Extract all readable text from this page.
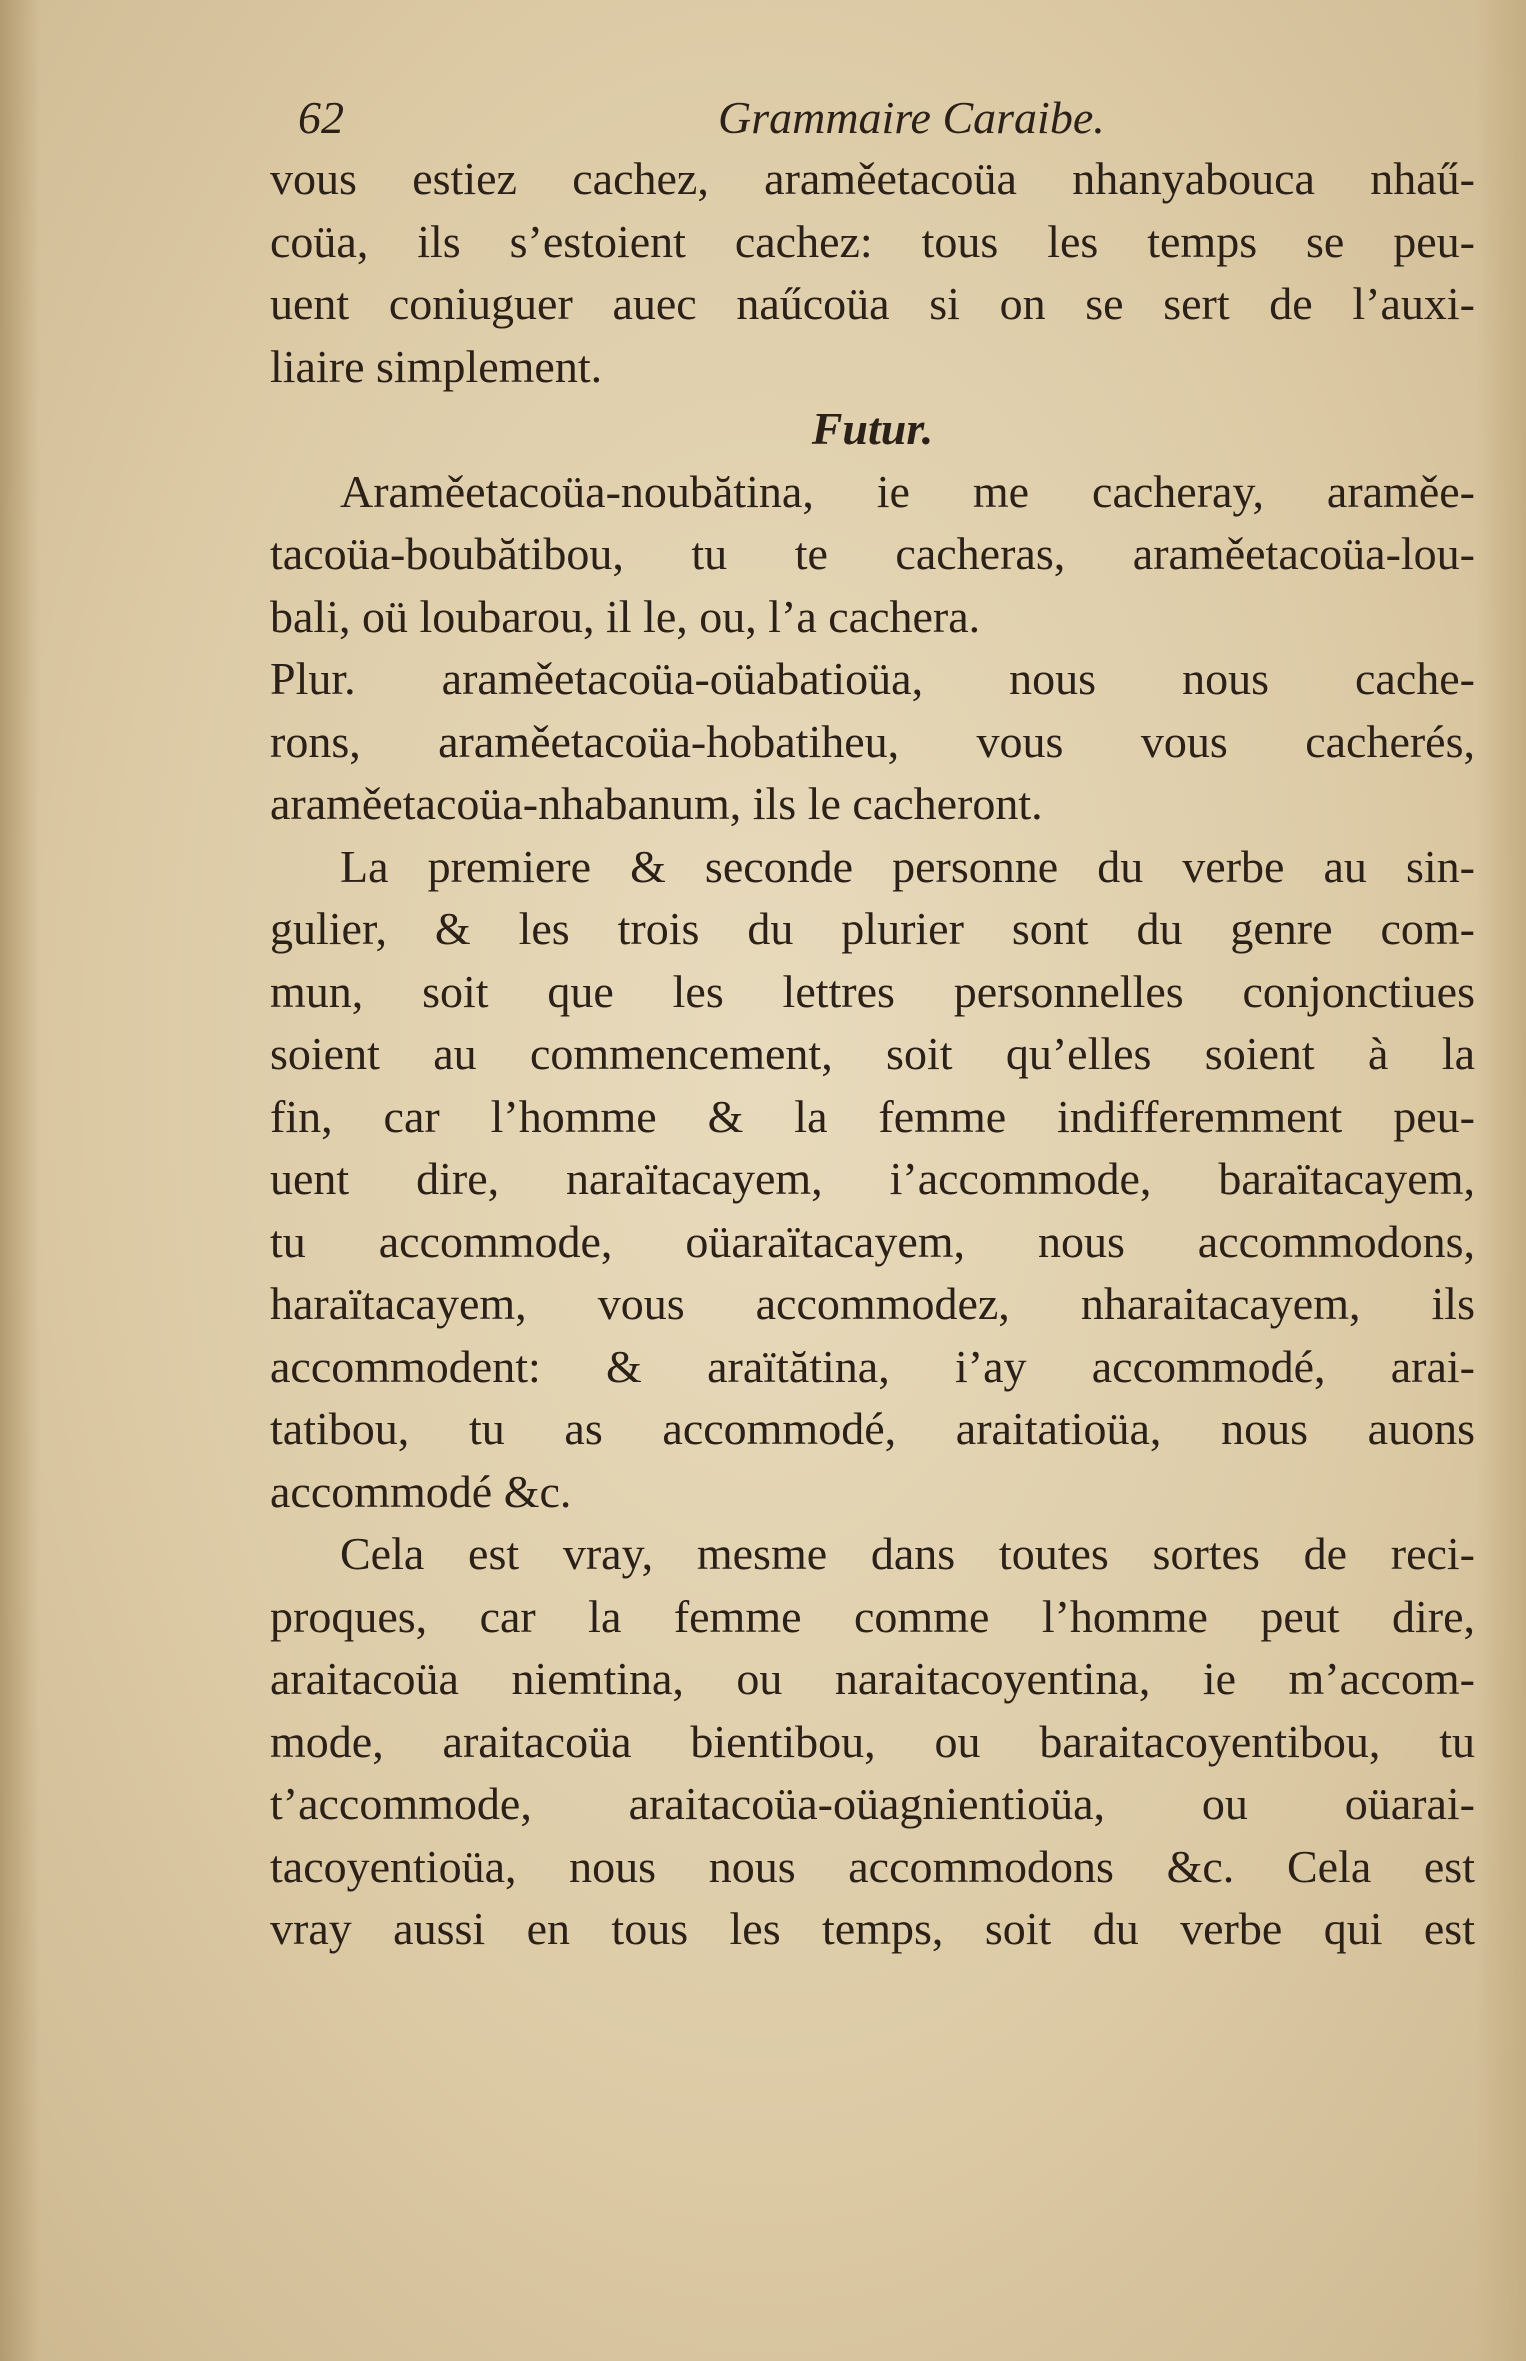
62	Grammaire Caraibe.
vous estiez cachez, araměetacoüa nhanyabouca nhaű-
coüa, ils s’estoient cachez: tous les temps se peu-
uent coniuguer auec naűcoüa si on se sert de l’auxi-
liaire simplement.
Futur.
Araměetacoüa-noubătina, ie me cacheray, araměe-
tacoüa-boubătibou, tu te cacheras, araměetacoüa-lou-
bali, oü loubarou, il le, ou, l’a cachera.
Plur. araměetacoüa-oüabatioüa, nous nous cache-
rons, araměetacoüa-hobatiheu, vous vous cacherés,
araměetacoüa-nhabanum, ils le cacheront.
La premiere & seconde personne du verbe au sin-
gulier, & les trois du plurier sont du genre com-
mun, soit que les lettres personnelles conjonctiues
soient au commencement, soit qu’elles soient à la
fin, car l’homme & la femme indifferemment peu-
uent dire, naraïtacayem, i’accommode, baraïtacayem,
tu accommode, oüaraïtacayem, nous accommodons,
haraïtacayem, vous accommodez, nharaitacayem, ils
accommodent: & araïtătina, i’ay accommodé, arai-
tatibou, tu as accommodé, araitatioüa, nous auons
accommodé &c.
Cela est vray, mesme dans toutes sortes de reci-
proques, car la femme comme l’homme peut dire,
araitacoüa niemtina, ou naraitacoyentina, ie m’accom-
mode, araitacoüa bientibou, ou baraitacoyentibou, tu
t’accommode, araitacoüa-oüagnientioüa, ou oüarai-
tacoyentioüa, nous nous accommodons &c. Cela est
vray aussi en tous les temps, soit du verbe qui est
